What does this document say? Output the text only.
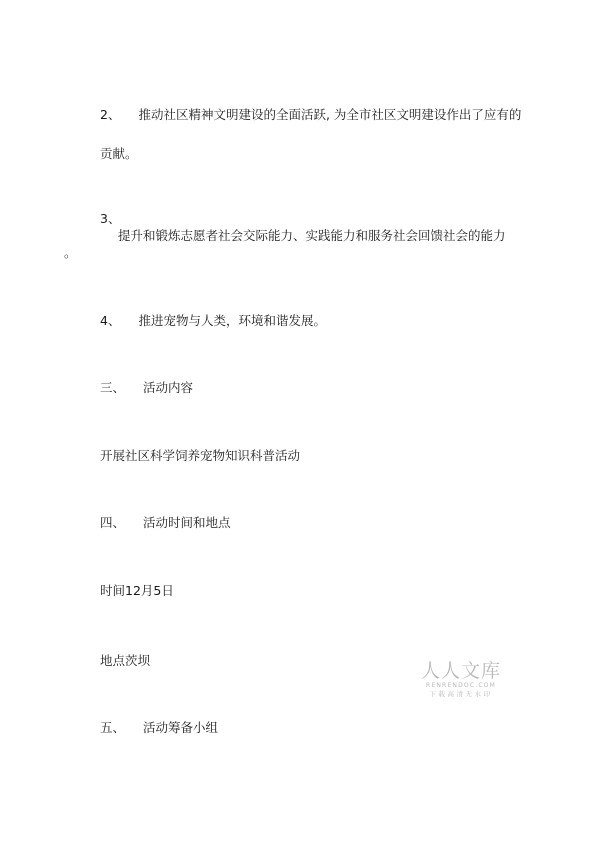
2、 推动社区精神文明建设的全面活跃, 为全市社区文明建设作出了应有的
贡献。
3、
提升和锻炼志愿者社会交际能力、实践能力和服务社会回馈社会的能力
。
4、 推进宠物与人类，环境和谐发展。
三、 活动内容
开展社区科学饲养宠物知识科普活动
四、 活动时间和地点
时间12月5日
地点茨坝
五、 活动筹备小组
人人文库
RENRENDOC.COM
下载高清无水印
